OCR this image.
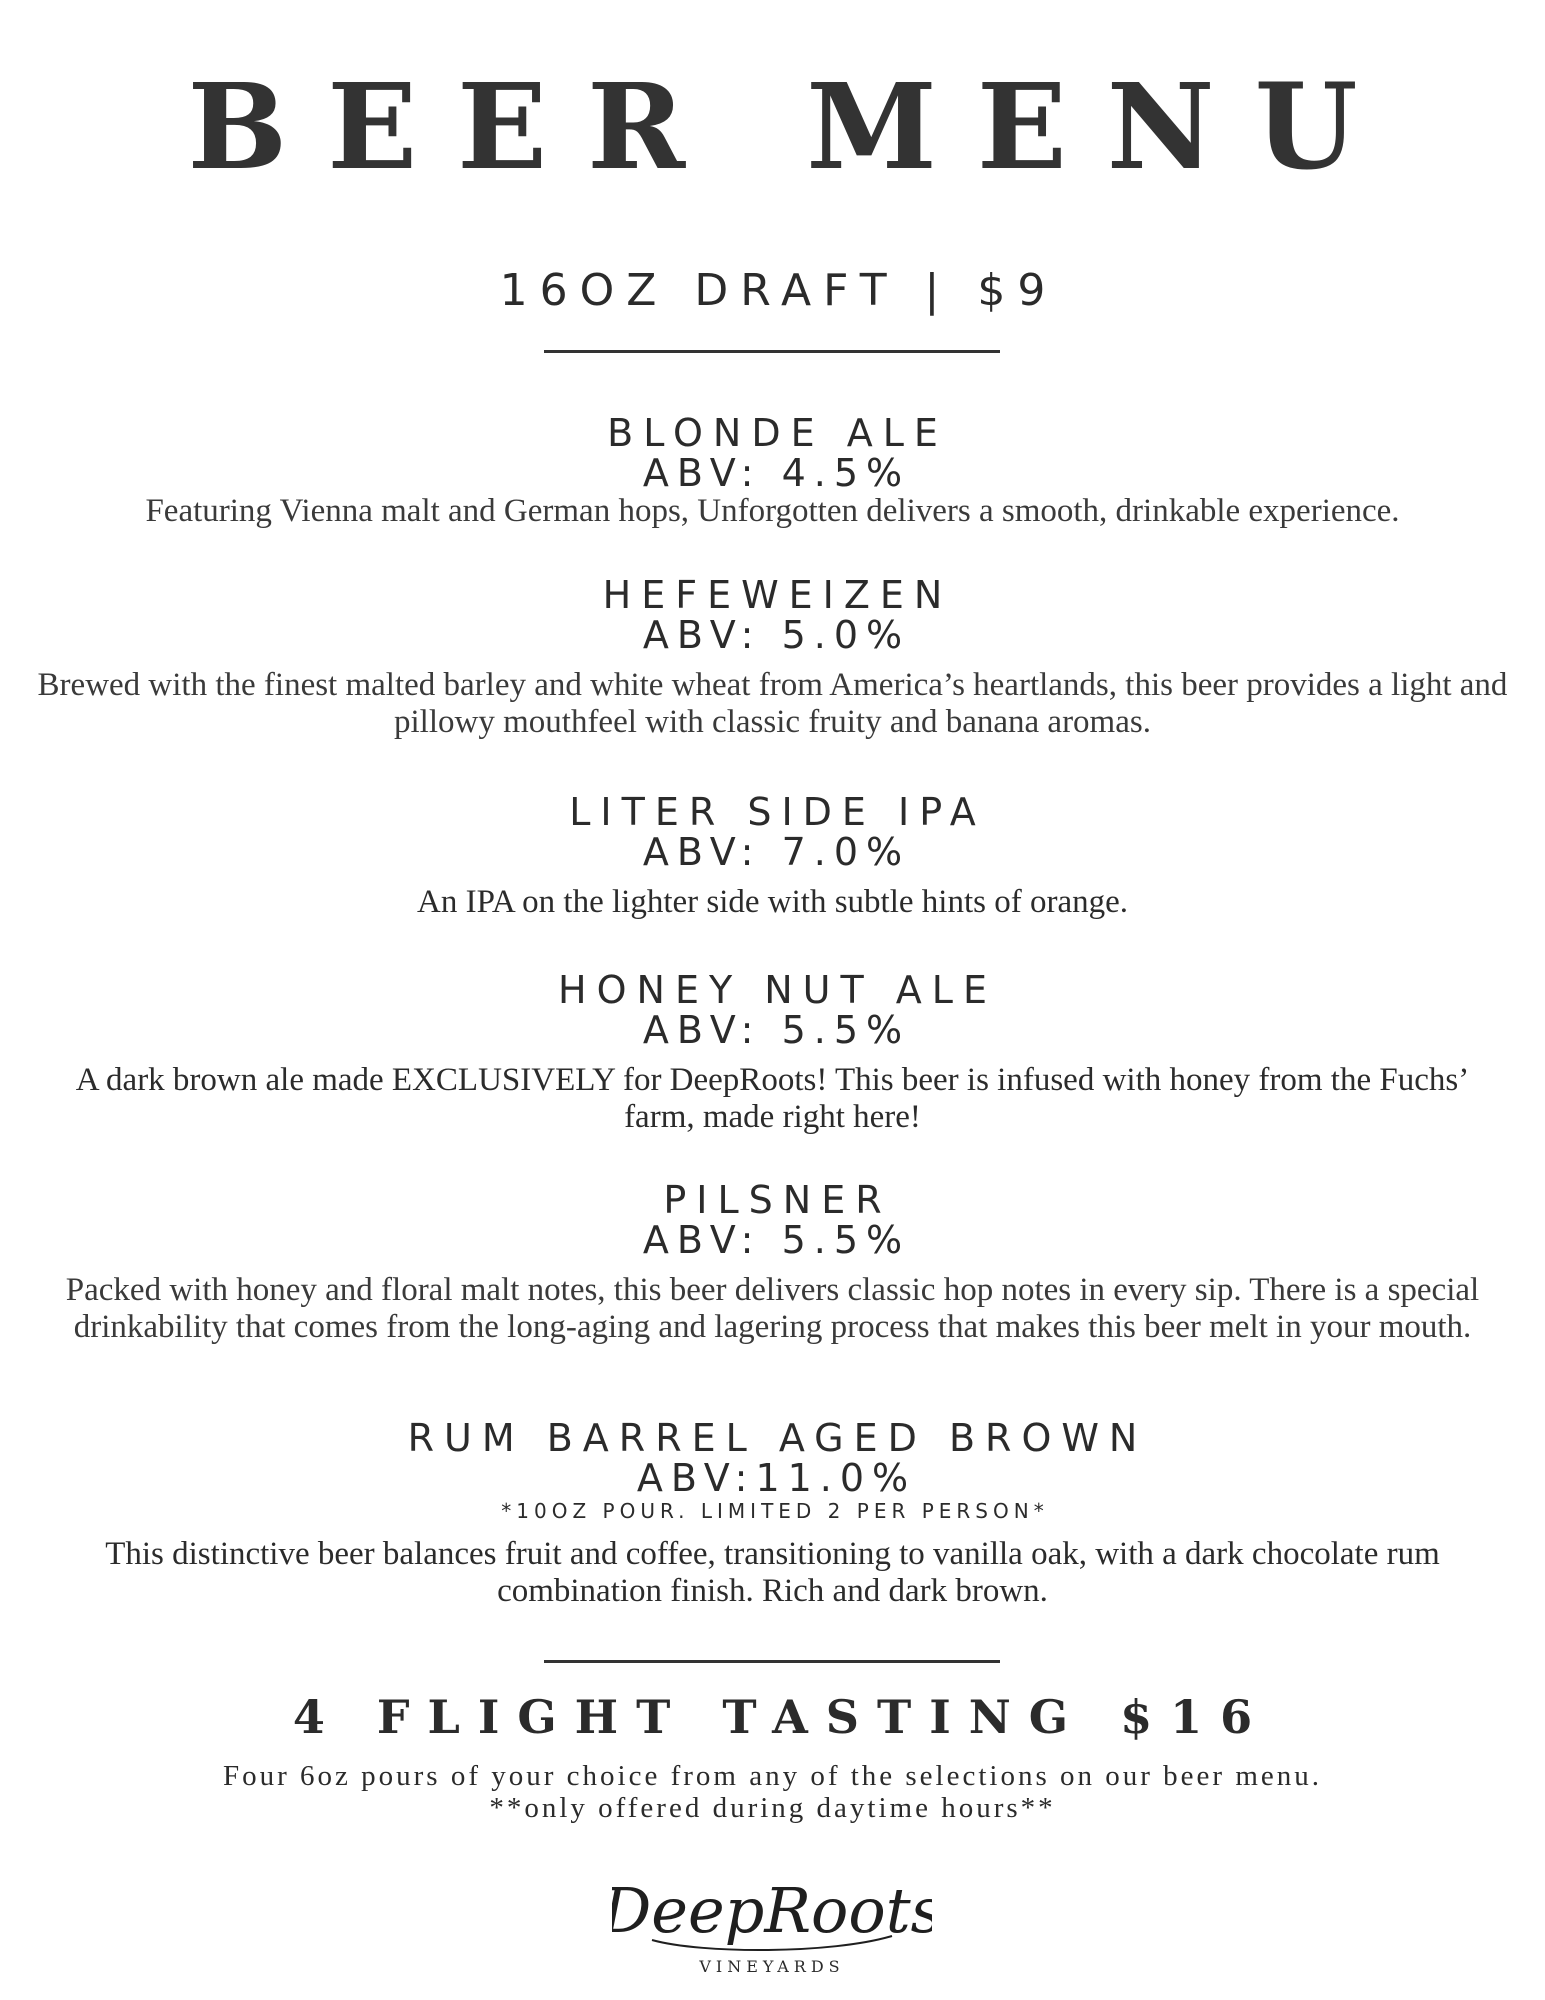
BEER MENU
16OZ DRAFT | $9
BLONDE ALE
ABV: 4.5%
Featuring Vienna malt and German hops, Unforgotten delivers a smooth, drinkable experience.
HEFEWEIZEN
ABV: 5.0%
Brewed with the finest malted barley and white wheat from America’s heartlands, this beer provides a light and pillowy mouthfeel with classic fruity and banana aromas.
LITER SIDE IPA
ABV: 7.0%
An IPA on the lighter side with subtle hints of orange.
HONEY NUT ALE
ABV: 5.5%
A dark brown ale made EXCLUSIVELY for DeepRoots! This beer is infused with honey from the Fuchs’ farm, made right here!
PILSNER
ABV: 5.5%
Packed with honey and floral malt notes, this beer delivers classic hop notes in every sip. There is a special drinkability that comes from the long-aging and lagering process that makes this beer melt in your mouth.
RUM BARREL AGED BROWN
ABV:11.0%
*10OZ POUR. LIMITED 2 PER PERSON*
This distinctive beer balances fruit and coffee, transitioning to vanilla oak, with a dark chocolate rum combination finish. Rich and dark brown.
4 FLIGHT TASTING $16
Four 6oz pours of your choice from any of the selections on our beer menu.
**only offered during daytime hours**
DeepRoots
VINEYARDS
